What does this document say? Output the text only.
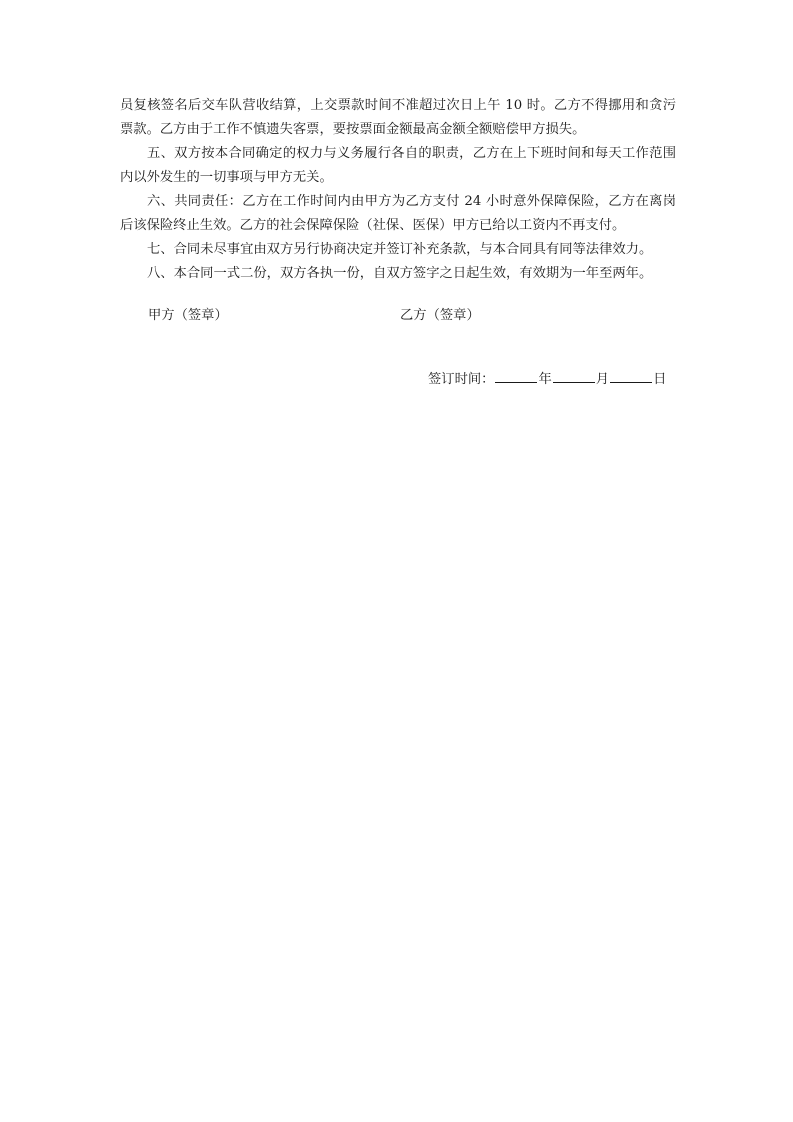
员复核签名后交车队营收结算，上交票款时间不准超过次日上午 10 时。乙方不得挪用和贪污票款。乙方由于工作不慎遗失客票，要按票面金额最高金额全额赔偿甲方损失。

五、双方按本合同确定的权力与义务履行各自的职责，乙方在上下班时间和每天工作范围内以外发生的一切事项与甲方无关。

六、共同责任：乙方在工作时间内由甲方为乙方支付 24 小时意外保障保险，乙方在离岗后该保险终止生效。乙方的社会保障保险（社保、医保）甲方已给以工资内不再支付。

七、合同未尽事宜由双方另行协商决定并签订补充条款，与本合同具有同等法律效力。

八、本合同一式二份，双方各执一份，自双方签字之日起生效，有效期为一年至两年。

甲方（签章）	乙方（签章）
签订时间：	年	月	日
